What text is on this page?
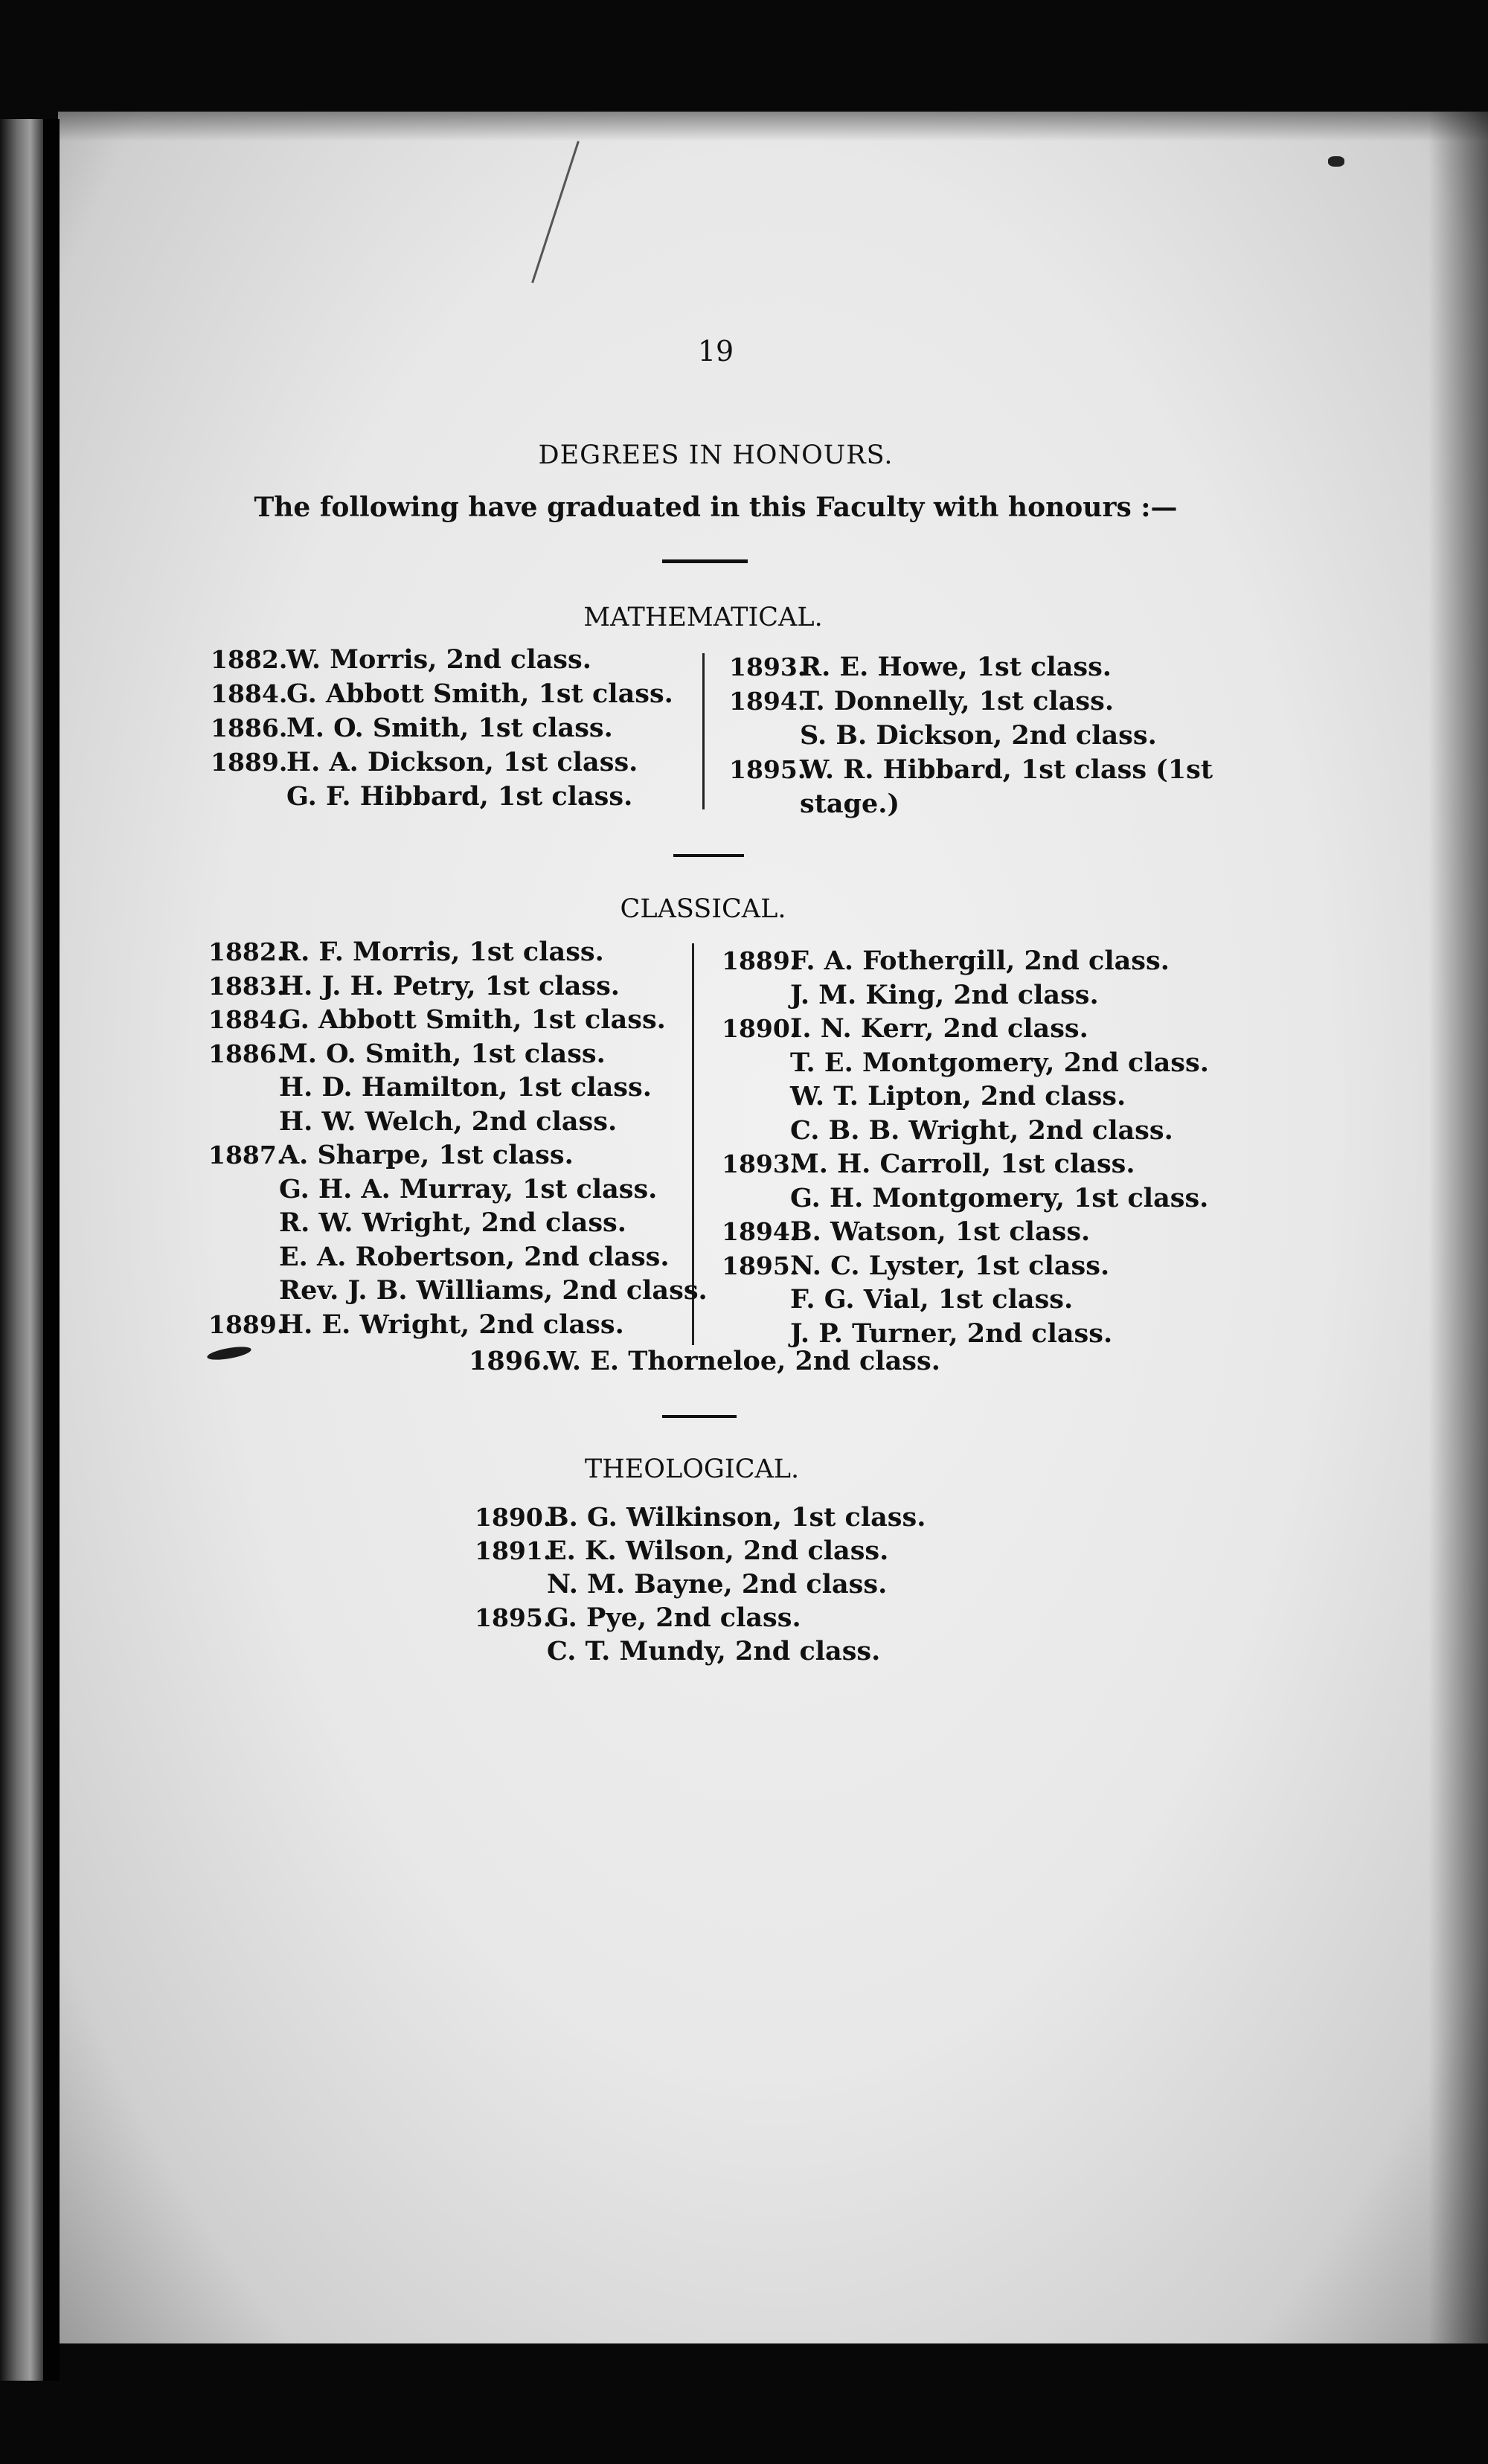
19
DEGREES IN HONOURS.
The following have graduated in this Faculty with honours :—
MATHEMATICAL.
1882.
W. Morris, 2nd class.
1884.
G. Abbott Smith, 1st class.
1886.
M. O. Smith, 1st class.
1889.
H. A. Dickson, 1st class.
G. F. Hibbard, 1st class.
1893.
R. E. Howe, 1st class.
1894.
T. Donnelly, 1st class.
S. B. Dickson, 2nd class.
1895.
W. R. Hibbard, 1st class (1st
stage.)
CLASSICAL.
1882.
R. F. Morris, 1st class.
1883.
H. J. H. Petry, 1st class.
1884.
G. Abbott Smith, 1st class.
1886.
M. O. Smith, 1st class.
H. D. Hamilton, 1st class.
H. W. Welch, 2nd class.
1887.
A. Sharpe, 1st class.
G. H. A. Murray, 1st class.
R. W. Wright, 2nd class.
E. A. Robertson, 2nd class.
Rev. J. B. Williams, 2nd class.
1889.
H. E. Wright, 2nd class.
1889.
F. A. Fothergill, 2nd class.
J. M. King, 2nd class.
1890.
I. N. Kerr, 2nd class.
T. E. Montgomery, 2nd class.
W. T. Lipton, 2nd class.
C. B. B. Wright, 2nd class.
1893.
M. H. Carroll, 1st class.
G. H. Montgomery, 1st class.
1894.
B. Watson, 1st class.
1895.
N. C. Lyster, 1st class.
F. G. Vial, 1st class.
J. P. Turner, 2nd class.
1896.
W. E. Thorneloe, 2nd class.
THEOLOGICAL.
1890.
B. G. Wilkinson, 1st class.
1891.
E. K. Wilson, 2nd class.
N. M. Bayne, 2nd class.
1895.
G. Pye, 2nd class.
C. T. Mundy, 2nd class.
